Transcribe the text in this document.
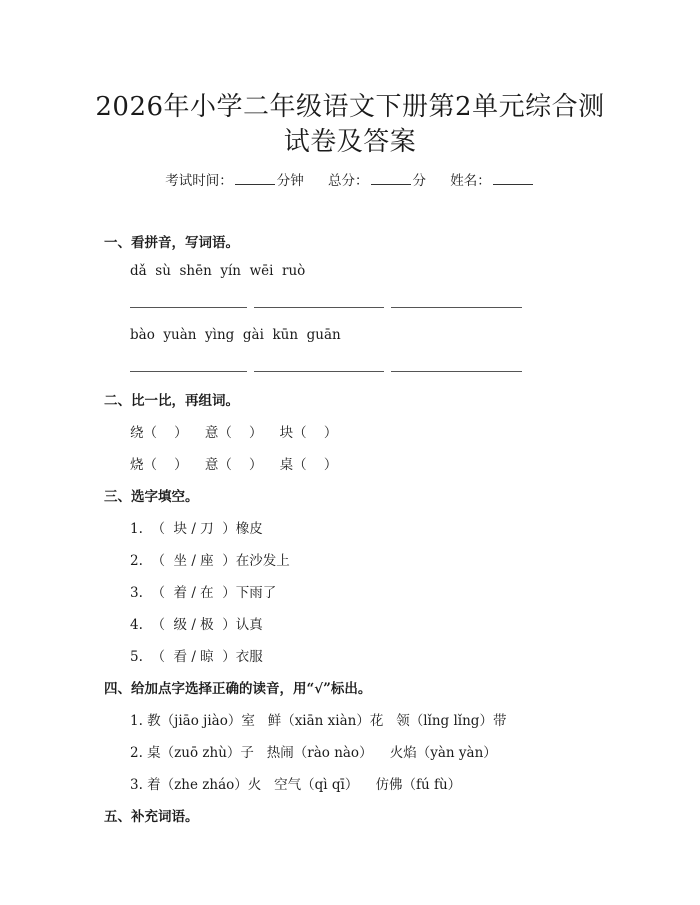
2026年小学二年级语文下册第2单元综合测
试卷及答案
考试时间：	分钟 总分：	分 姓名：
一、看拼音，写词语。
dǎ  sù  shēn  yín  wēi  ruò
bào  yuàn  yìng  gài  kūn  guān
二、比一比，再组词。
绕（    ）    意（    ）    块（    ）
烧（    ）    意（    ）    桌（    ）
三、选字填空。
1.  （  块 / 刀  ）橡皮
2.  （  坐 / 座  ）在沙发上
3.  （  着 / 在  ）下雨了
4.  （  级 / 极  ）认真
5.  （  看 / 晾  ）衣服
四、给加点字选择正确的读音，用“√”标出。
1. 教（jiāo jiào）室   鲜（xiān xiàn）花   领（lǐng lǐng）带
2. 桌（zuō zhù）子   热闹（rào nào）    火焰（yàn yàn）
3. 着（zhe zháo）火   空气（qì qī）    仿佛（fú fù）
五、补充词语。
